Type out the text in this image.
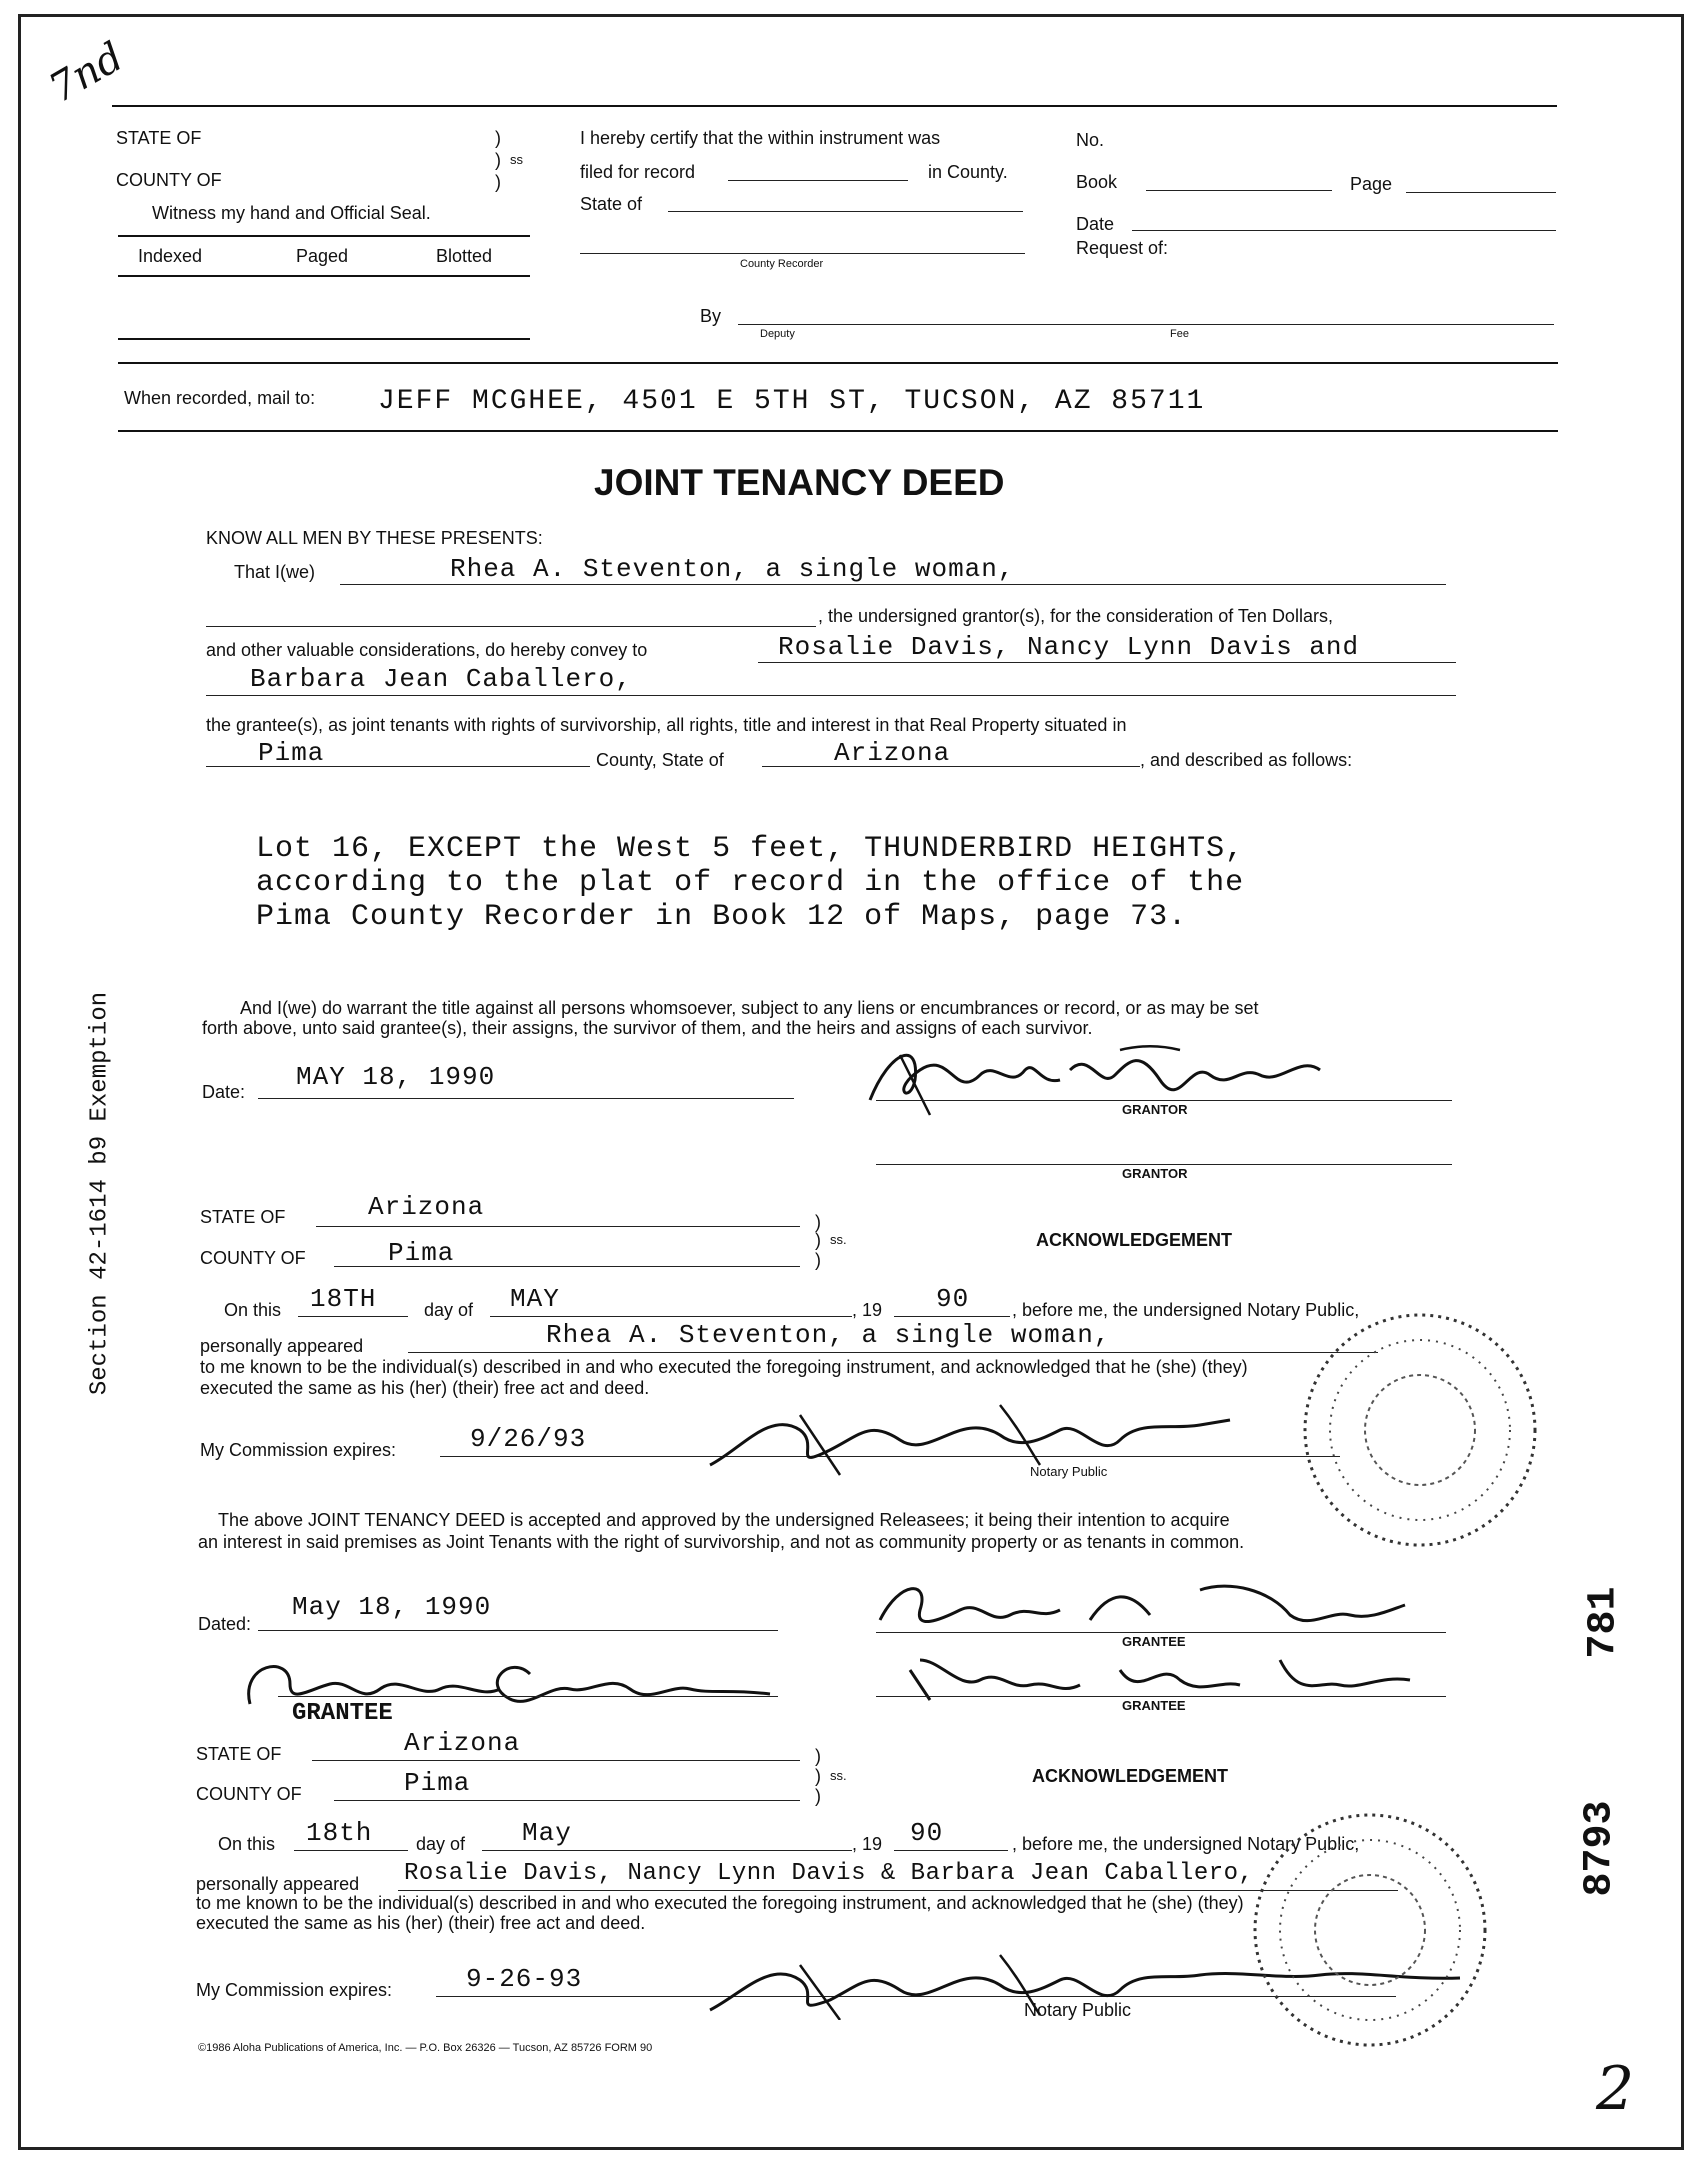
7nd
STATE OF
COUNTY OF
)
)
)
ss
Witness my hand and Official Seal.
Indexed	Paged	Blotted
I hereby certify that the within instrument was
filed for record	in County.
State of
County Recorder
By
Deputy	Fee
No.
Book	Page
Date
Request of:
When recorded, mail to: JEFF MCGHEE, 4501 E 5TH ST, TUCSON, AZ 85711
JOINT TENANCY DEED
KNOW ALL MEN BY THESE PRESENTS:
That I(we)	Rhea A. Steventon, a single woman,
, the undersigned grantor(s), for the consideration of Ten Dollars,
and other valuable considerations, do hereby convey to	Rosalie Davis, Nancy Lynn Davis and
Barbara Jean Caballero,
the grantee(s), as joint tenants with rights of survivorship, all rights, title and interest in that Real Property situated in
Pima	County, State of	Arizona	, and described as follows:
Lot 16, EXCEPT the West 5 feet, THUNDERBIRD HEIGHTS,
according to the plat of record in the office of the
Pima County Recorder in Book 12 of Maps, page 73.
And I(we) do warrant the title against all persons whomsoever, subject to any liens or encumbrances or record, or as may be set
forth above, unto said grantee(s), their assigns, the survivor of them, and the heirs and assigns of each survivor.
Date: MAY 18, 1990
GRANTOR
GRANTOR
STATE OF	Arizona
COUNTY OF	Pima
)
)
)
ss.	ACKNOWLEDGEMENT
On this 18TH	day of MAY	, 19 90 , before me, the undersigned Notary Public,
personally appeared	Rhea A. Steventon, a single woman,
to me known to be the individual(s) described in and who executed the foregoing instrument, and acknowledged that he (she) (they)
executed the same as his (her) (their) free act and deed.
My Commission expires:	9/26/93
Notary Public
The above JOINT TENANCY DEED is accepted and approved by the undersigned Releasees; it being their intention to acquire
an interest in said premises as Joint Tenants with the right of survivorship, and not as community property or as tenants in common.
Dated:
May 18, 1990
GRANTEE
GRANTEE	GRANTEE
STATE OF	Arizona
COUNTY OF	Pima
)
)
)
ss.	ACKNOWLEDGEMENT
On this 18th day of May	, 19 90	, before me, the undersigned Notary Public,
personally appeared Rosalie Davis, Nancy Lynn Davis & Barbara Jean Caballero,
to me known to be the individual(s) described in and who executed the foregoing instrument, and acknowledged that he (she) (they)
executed the same as his (her) (their) free act and deed.
My Commission expires:	9-26-93
Notary Public
©1986 Aloha Publications of America, Inc. — P.O. Box 26326 — Tucson, AZ 85726 FORM 90
Section 42-1614 b9 Exemption
781
8793
2
